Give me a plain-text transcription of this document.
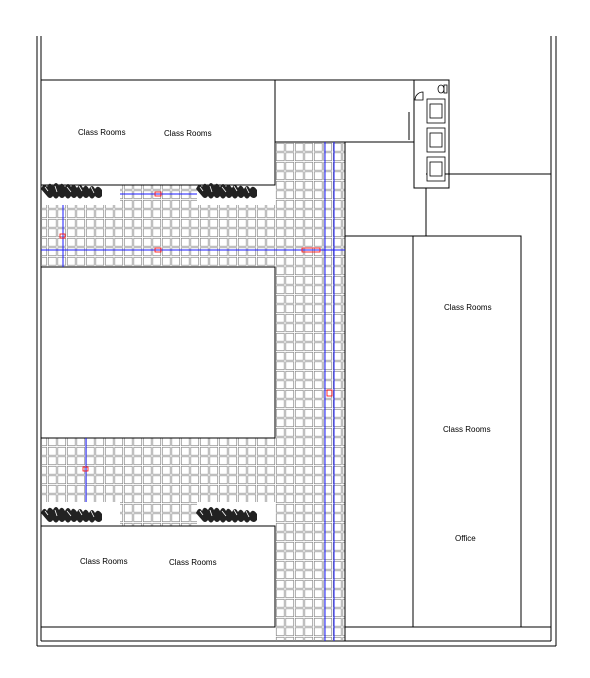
Class Rooms	Class Rooms
Class Rooms	Class Rooms
Class Rooms
Class Rooms
Office
